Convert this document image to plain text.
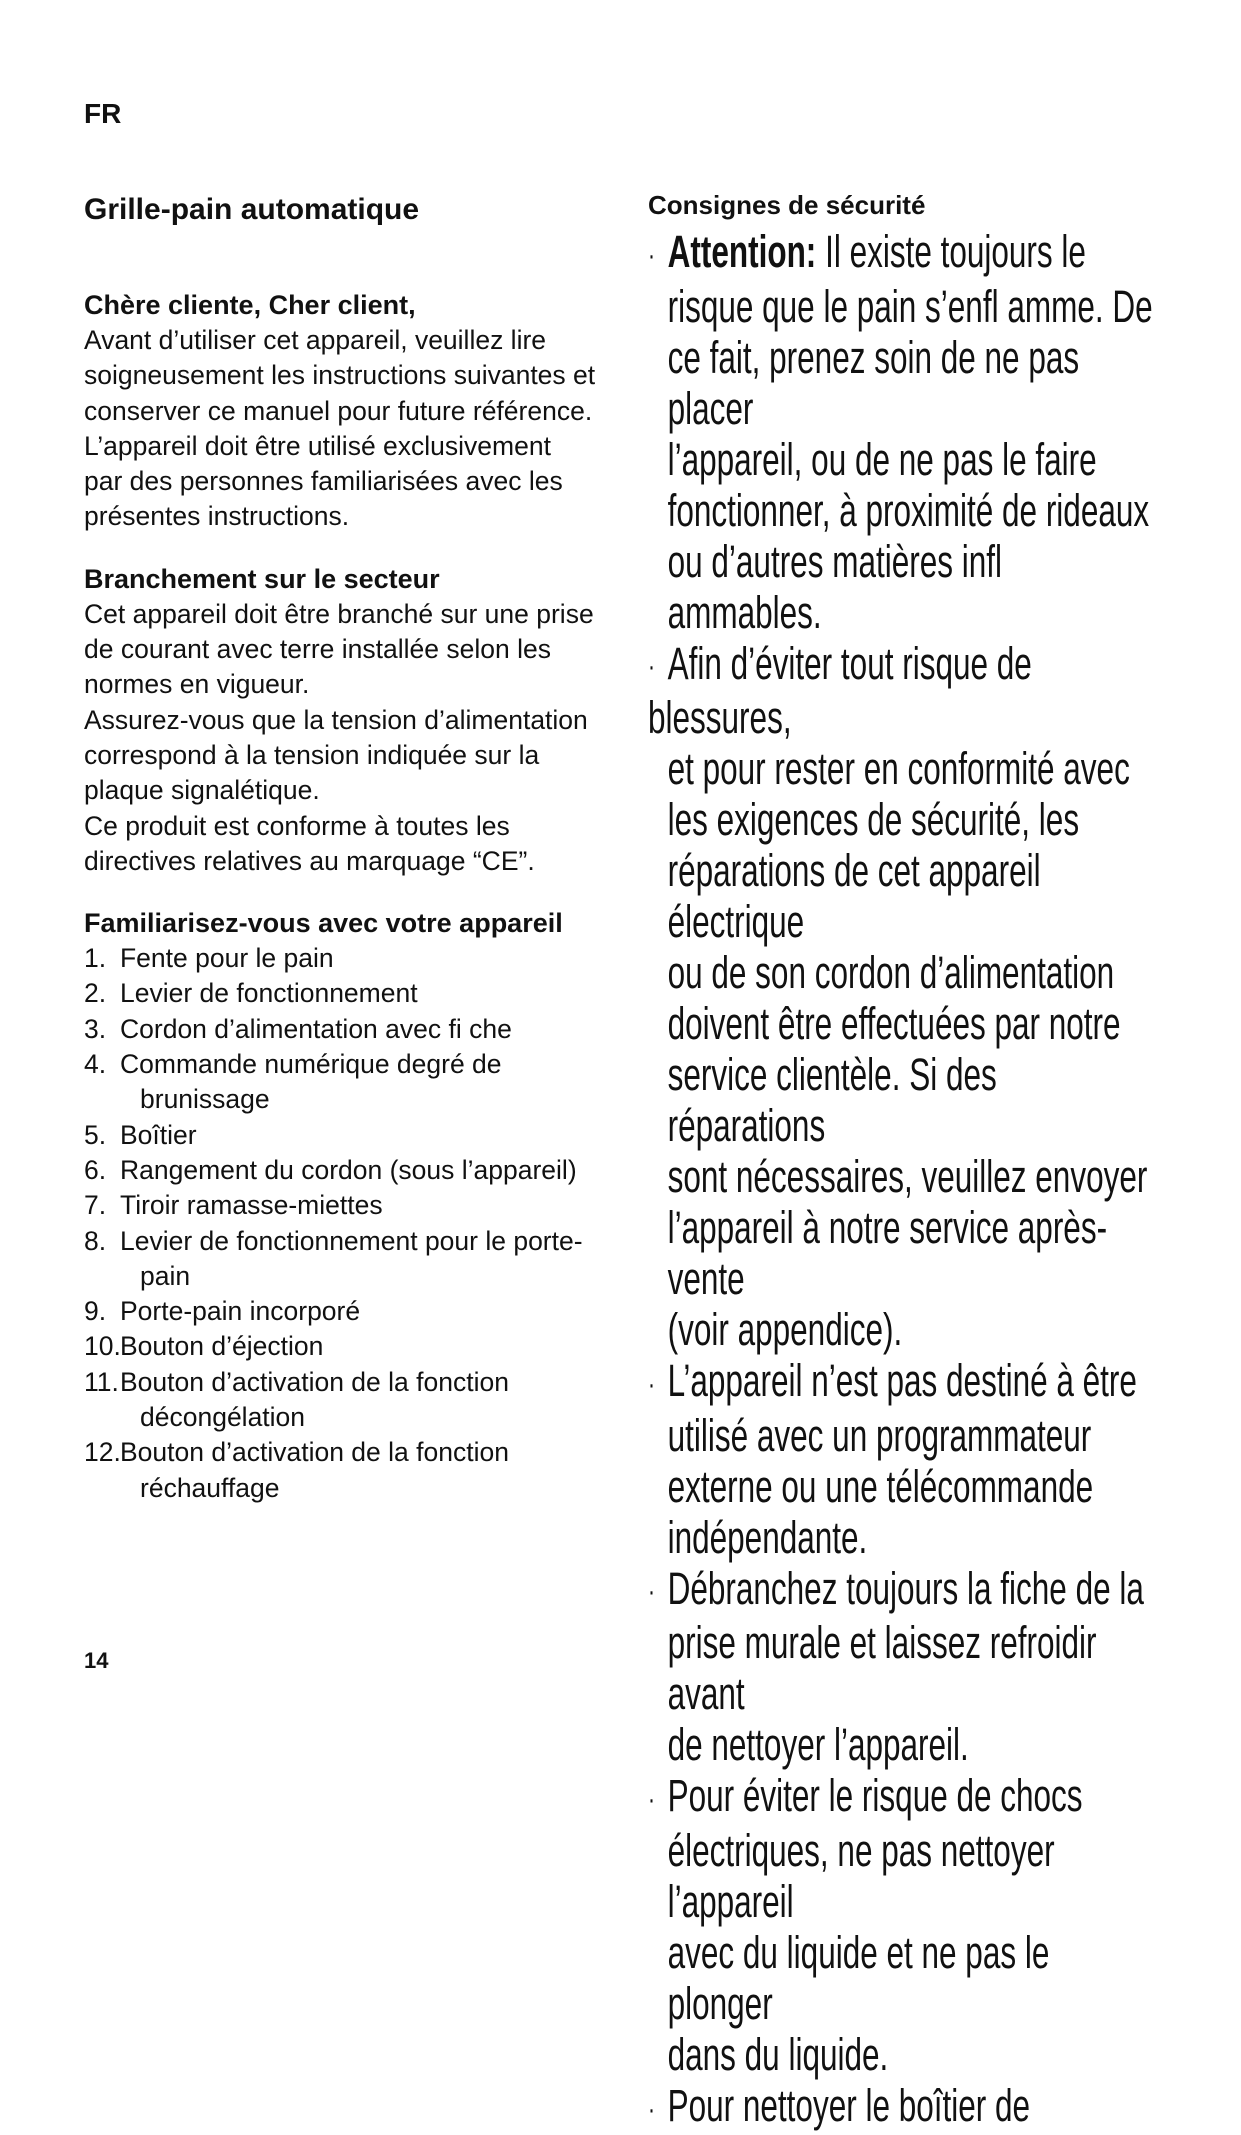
FR
Grille-pain automatique

Chère cliente, Cher client,

Avant d’utiliser cet appareil, veuillez lire

soigneusement les instructions suivantes et

conserver ce manuel pour future référence.

L’appareil doit être utilisé exclusivement

par des personnes familiarisées avec les

présentes instructions.

Branchement sur le secteur

Cet appareil doit être branché sur une prise

de courant avec terre installée selon les

normes en vigueur.

Assurez-vous que la tension d’alimentation

correspond à la tension indiquée sur la

plaque signalétique.

Ce produit est conforme à toutes les

directives relatives au marquage “CE”.

Familiarisez-vous avec votre appareil

1. Fente pour le pain
2. Levier de fonctionnement
3. Cordon d’alimentation avec fi che
4. Commande numérique degré de
brunissage
5. Boîtier
6. Rangement du cordon (sous l’appareil)
7. Tiroir ramasse-miettes
8. Levier de fonctionnement pour le porte-
pain
9. Porte-pain incorporé
10.Bouton d’éjection
11.Bouton d’activation de la fonction
décongélation
12.Bouton d’activation de la fonction
réchauffage

Consignes de sécurité

· Attention: Il existe toujours le

risque que le pain s’enfl amme. De

ce fait, prenez soin de ne pas placer

l’appareil, ou de ne pas le faire

fonctionner, à proximité de rideaux

ou d’autres matières infl ammables.

· Afin d’éviter tout risque de blessures,

et pour rester en conformité avec

les exigences de sécurité, les

réparations de cet appareil électrique

ou de son cordon d’alimentation

doivent être effectuées par notre

service clientèle. Si des réparations

sont nécessaires, veuillez envoyer

l’appareil à notre service après-vente

(voir appendice).

· L’appareil n’est pas destiné à être

utilisé avec un programmateur

externe ou une télécommande

indépendante.

· Débranchez toujours la fiche de la

prise murale et laissez refroidir avant

de nettoyer l’appareil.

· Pour éviter le risque de chocs

électriques, ne pas nettoyer l’appareil

avec du liquide et ne pas le plonger

dans du liquide.

· Pour nettoyer le boîtier de

14
